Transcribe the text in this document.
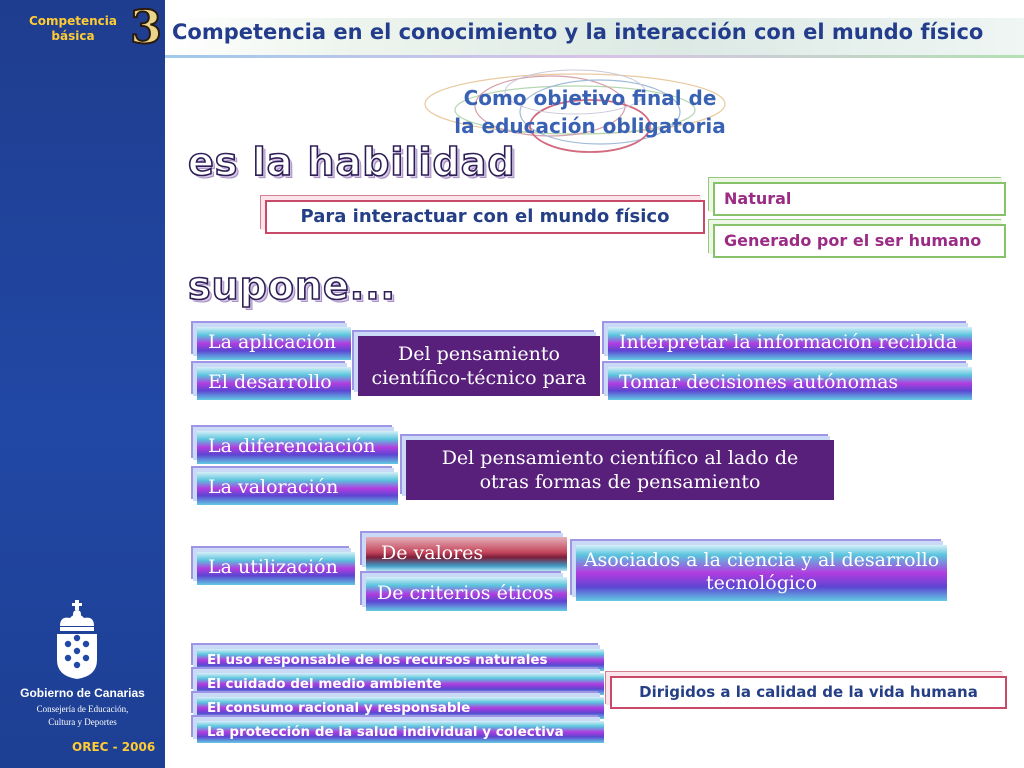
Competencia básica 3
Gobierno de Canarias
Consejería de Educación, Cultura y Deportes
OREC - 2006
Competencia en el conocimiento y la interacción con el mundo físico
Como objetivo final de
la educación obligatoria
es la habilidad
Para interactuar con el mundo físico
Natural
Generado por el ser humano
supone...
La aplicación
El desarrollo
Del pensamiento científico-técnico para
Interpretar la información recibida
Tomar decisiones autónomas
La diferenciación
La valoración
Del pensamiento científico al lado de otras formas de pensamiento
La utilización
De valores
De criterios éticos
Asociados a la ciencia y al desarrollo tecnológico
El uso responsable de los recursos naturales
El cuidado del medio ambiente
El consumo racional y responsable
La protección de la salud individual y colectiva
Dirigidos a la calidad de la vida humana
